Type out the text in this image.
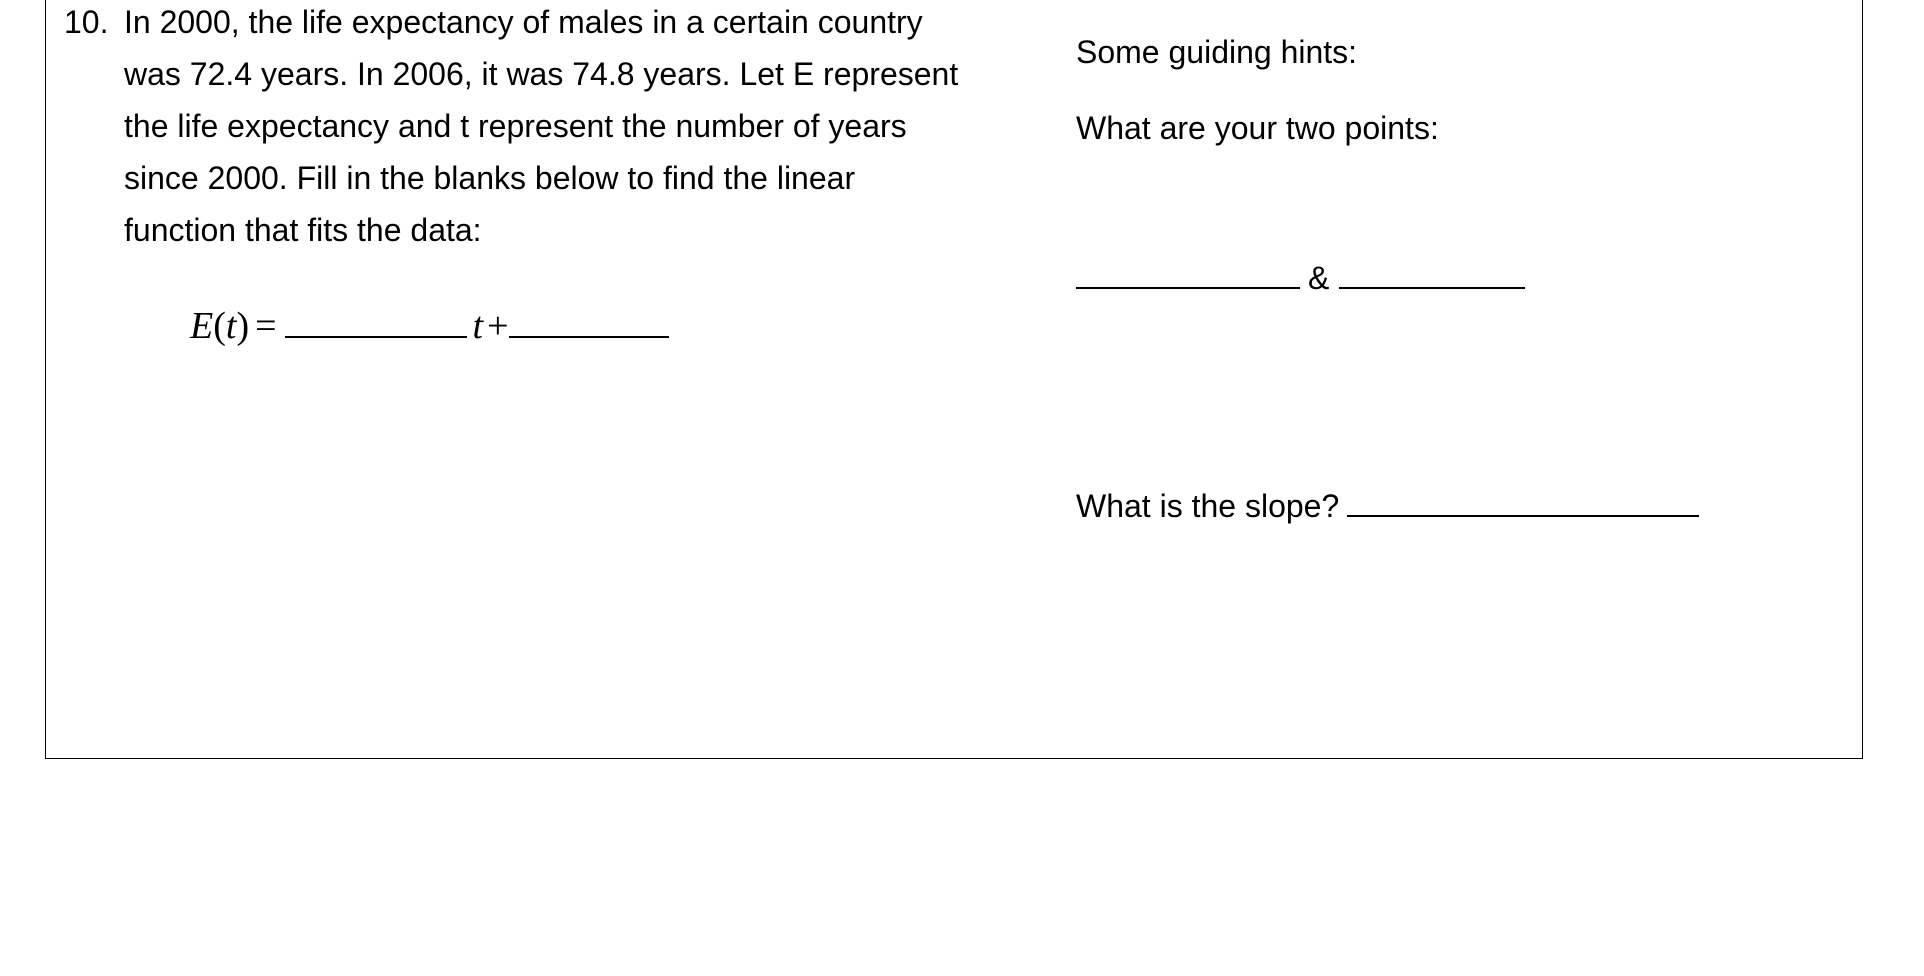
10. In 2000, the life expectancy of males in a certain country
was 72.4 years. In 2006, it was 74.8 years. Let E represent
the life expectancy and t represent the number of years
since 2000. Fill in the blanks below to find the linear
function that fits the data:

E(t) =	t +
Some guiding hints:
What are your two points:
&
What is the slope?
